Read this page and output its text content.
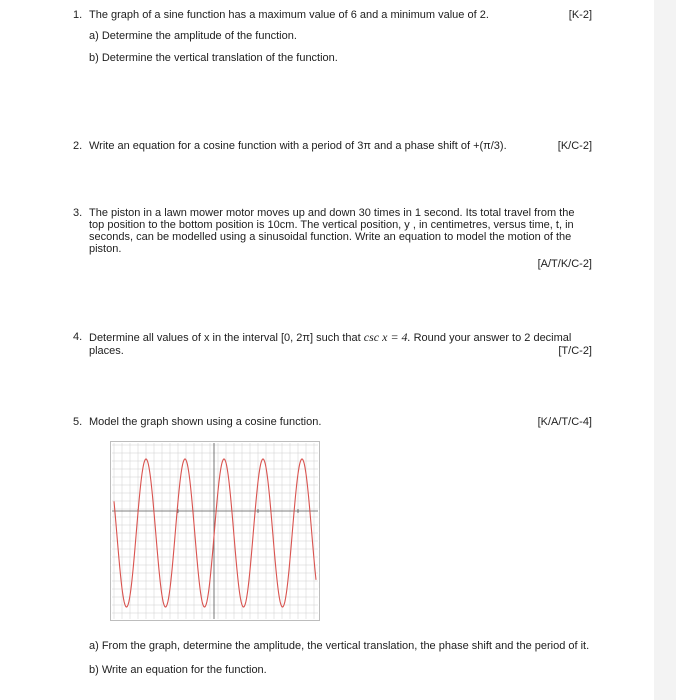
1. The graph of a sine function has a maximum value of 6 and a minimum value of 2.	[K-2]
a) Determine the amplitude of the function.
b) Determine the vertical translation of the function.
2. Write an equation for a cosine function with a period of 3π and a phase shift of +(π/3).	[K/C-2]
3. The piston in a lawn mower motor moves up and down 30 times in 1 second. Its total travel from the
top position to the bottom position is 10cm. The vertical position, y , in centimetres, versus time, t, in
seconds, can be modelled using a sinusoidal function. Write an equation to model the motion of the
piston.
[A/T/K/C-2]
4. Determine all values of x in the interval [0, 2π] such that csc x = 4. Round your answer to 2 decimal
places.	[T/C-2]
5. Model the graph shown using a cosine function.	[K/A/T/C-4]
a) From the graph, determine the amplitude, the vertical translation, the phase shift and the period of it.
b) Write an equation for the function.
